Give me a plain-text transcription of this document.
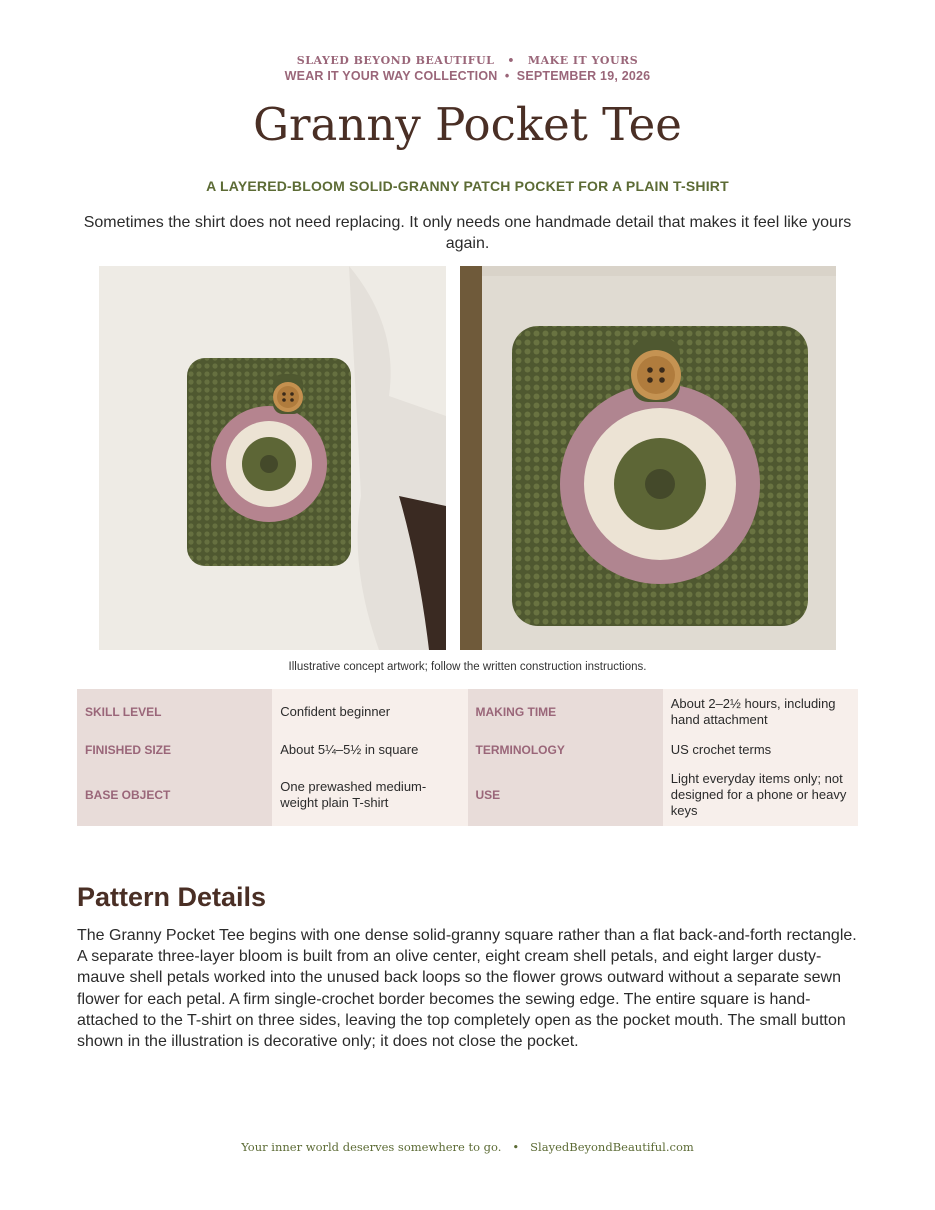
SLAYED BEYOND BEAUTIFUL • MAKE IT YOURS
WEAR IT YOUR WAY COLLECTION  •  SEPTEMBER 19, 2026
Granny Pocket Tee
A LAYERED-BLOOM SOLID-GRANNY PATCH POCKET FOR A PLAIN T-SHIRT
Sometimes the shirt does not need replacing. It only needs one handmade detail that makes it feel like yours again.
Illustrative concept artwork; follow the written construction instructions.
SKILL LEVEL	Confident beginner	MAKING TIME	About 2–2½ hours, including hand attachment
FINISHED SIZE	About 5¼–5½ in square	TERMINOLOGY	US crochet terms
BASE OBJECT	One prewashed medium-weight plain T-shirt	USE	Light everyday items only; not designed for a phone or heavy keys
Pattern Details
The Granny Pocket Tee begins with one dense solid-granny square rather than a flat back-and-forth rectangle. A separate three-layer bloom is built from an olive center, eight cream shell petals, and eight larger dusty-mauve shell petals worked into the unused back loops so the flower grows outward without a separate sewn flower for each petal. A firm single-crochet border becomes the sewing edge. The entire square is hand-attached to the T-shirt on three sides, leaving the top completely open as the pocket mouth. The small button shown in the illustration is decorative only; it does not close the pocket.
Your inner world deserves somewhere to go. • SlayedBeyondBeautiful.com
